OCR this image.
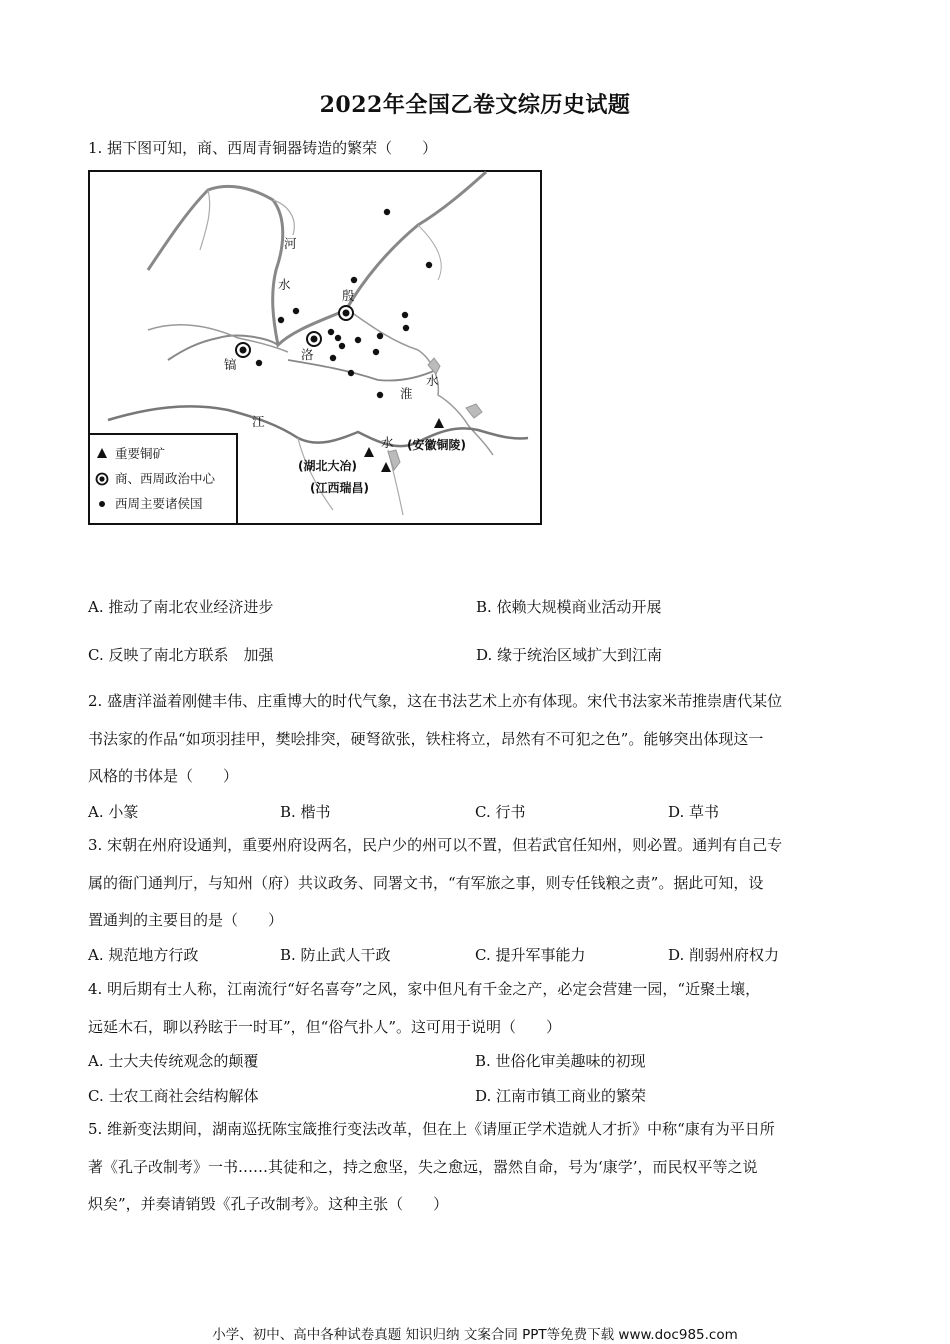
2022年全国乙卷文综历史试题
1. 据下图可知，商、西周青铜器铸造的繁荣（　　）
河
水
殷
洛
镐
淮
水
江
水 (安徽铜陵)
(湖北大冶)
(江西瑞昌)
重要铜矿
商、西周政治中心
西周主要诸侯国
A. 推动了南北农业经济进步	B. 依赖大规模商业活动开展
C. 反映了南北方联系　加强	D. 缘于统治区域扩大到江南
2. 盛唐洋溢着刚健丰伟、庄重博大的时代气象，这在书法艺术上亦有体现。宋代书法家米芾推崇唐代某位
书法家的作品“如项羽挂甲，樊哙排突，硬弩欲张，铁柱将立，昂然有不可犯之色”。能够突出体现这一
风格的书体是（　　）
A. 小篆	B. 楷书	C. 行书	D. 草书
3. 宋朝在州府设通判，重要州府设两名，民户少的州可以不置，但若武官任知州，则必置。通判有自己专
属的衙门通判厅，与知州（府）共议政务、同署文书，“有军旅之事，则专任钱粮之责”。据此可知，设
置通判的主要目的是（　　）
A. 规范地方行政	B. 防止武人干政	C. 提升军事能力	D. 削弱州府权力
4. 明后期有士人称，江南流行“好名喜夸”之风，家中但凡有千金之产，必定会营建一园，“近聚土壤，
远延木石，聊以矜眩于一时耳”，但“俗气扑人”。这可用于说明（　　）
A. 士大夫传统观念的颠覆	B. 世俗化审美趣味的初现
C. 士农工商社会结构解体	D. 江南市镇工商业的繁荣
5. 维新变法期间，湖南巡抚陈宝箴推行变法改革，但在上《请厘正学术造就人才折》中称“康有为平日所
著《孔子改制考》一书……其徒和之，持之愈坚，失之愈远，嚣然自命，号为‘康学’，而民权平等之说
炽矣”，并奏请销毁《孔子改制考》。这种主张（　　）
小学、初中、高中各种试卷真题 知识归纳 文案合同 PPT等免费下载 www.doc985.com
